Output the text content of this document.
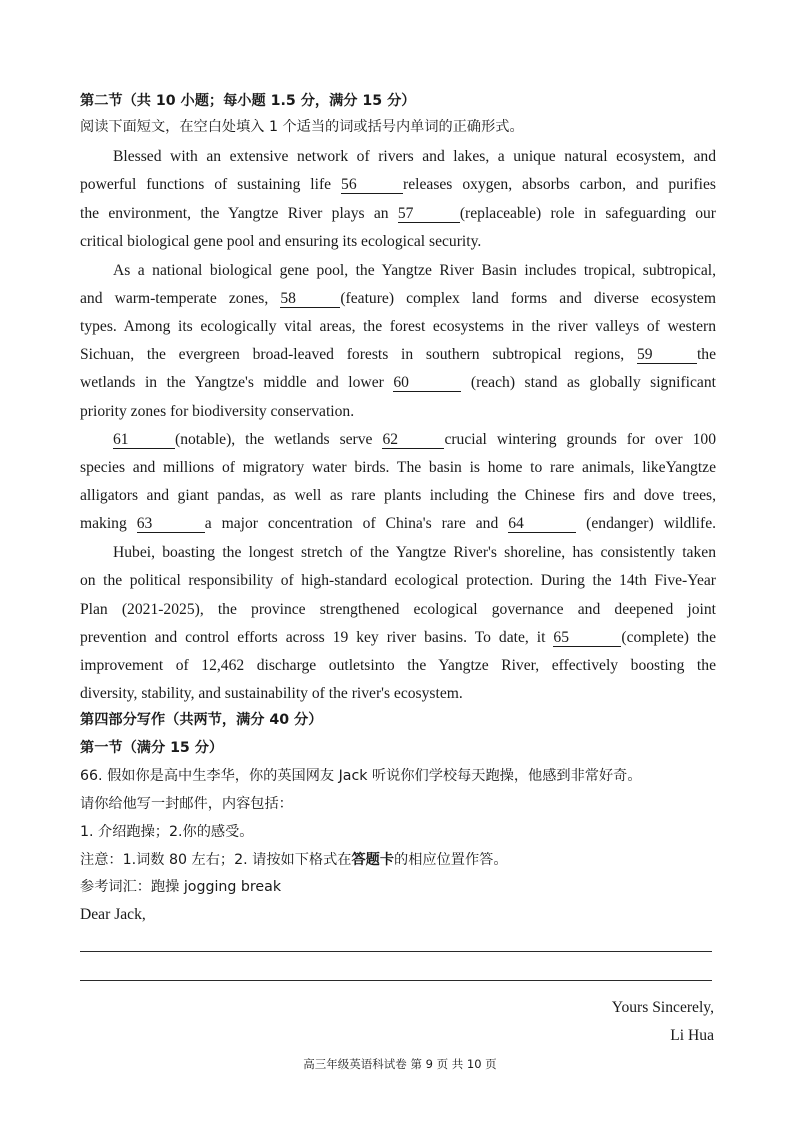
第二节（共 10 小题；每小题 1.5 分，满分 15 分）
阅读下面短文，在空白处填入 1 个适当的词或括号内单词的正确形式。
Blessed with an extensive network of rivers and lakes, a unique natural ecosystem, and
powerful functions of sustaining life 56	releases oxygen, absorbs carbon, and purifies
the environment, the Yangtze River plays an 57	(replaceable) role in safeguarding our
critical biological gene pool and ensuring its ecological security.
As a national biological gene pool, the Yangtze River Basin includes tropical, subtropical,
and warm-temperate zones, 58	(feature) complex land forms and diverse ecosystem
types. Among its ecologically vital areas, the forest ecosystems in the river valleys of western
Sichuan, the evergreen broad-leaved forests in southern subtropical regions, 59	the
wetlands in the Yangtze's middle and lower 60	(reach) stand as globally significant
priority zones for biodiversity conservation.
61	(notable), the wetlands serve 62	crucial wintering grounds for over 100
species and millions of migratory water birds. The basin is home to rare animals, likeYangtze
alligators and giant pandas, as well as rare plants including the Chinese firs and dove trees,
making 63	a major concentration of China's rare and 64	(endanger) wildlife.
Hubei, boasting the longest stretch of the Yangtze River's shoreline, has consistently taken
on the political responsibility of high-standard ecological protection. During the 14th Five-Year
Plan (2021-2025), the province strengthened ecological governance and deepened joint
prevention and control efforts across 19 key river basins. To date, it 65	(complete) the
improvement of 12,462 discharge outletsinto the Yangtze River, effectively boosting the
diversity, stability, and sustainability of the river's ecosystem.
第四部分写作（共两节，满分 40 分）
第一节（满分 15 分）
66. 假如你是高中生李华，你的英国网友 Jack 听说你们学校每天跑操，他感到非常好奇。
请你给他写一封邮件，内容包括：
1. 介绍跑操；2.你的感受。
注意：1.词数 80 左右；2. 请按如下格式在答题卡的相应位置作答。
参考词汇：跑操 jogging break
Dear Jack,
Yours Sincerely,
Li Hua
高三年级英语科试卷 第 9 页 共 10 页
